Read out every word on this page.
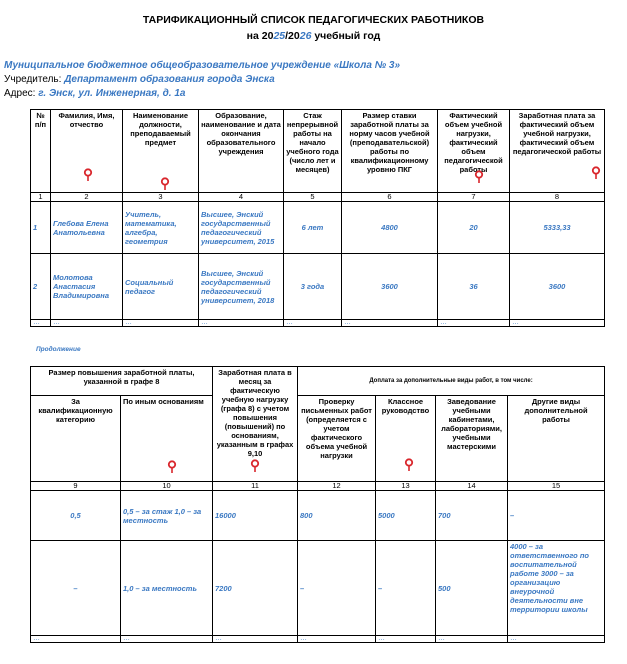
ТАРИФИКАЦИОННЫЙ СПИСОК ПЕДАГОГИЧЕСКИХ РАБОТНИКОВ
на 2025/2026 учебный год
Муниципальное бюджетное общеобразовательное учреждение «Школа № 3»
Учредитель: Департамент образования города Энска
Адрес: г. Энск, ул. Инженерная, д. 1а
№ п/п	Фамилия, Имя, отчество	Наименование должности, преподаваемый предмет	Образование, наименование и дата окончания образовательного учреждения	Стаж непрерывной работы на начало учебного года (число лет и месяцев)	Размер ставки заработной платы за норму часов учебной (преподавательской) работы по квалификационному уровню ПКГ	Фактический объем учебной нагрузки, фактический объем педагогической работы	Заработная плата за фактический объем учебной нагрузки, фактический объем педагогической работы
1	2	3	4	5	6	7	8
1	Глебова Елена Анатольевна	Учитель, математика, алгебра, геометрия	Высшее, Энский государственный педагогический университет, 2015	6 лет	4800	20	5333,33
2	Молотова Анастасия Владимировна	Социальный педагог	Высшее, Энский государственный педагогический университет, 2018	3 года	3600	36	3600
…	…	…	…	…	…	…	…
Продолжение
Размер повышения заработной платы, указанной в графе 8		Заработная плата в месяц за фактическую учебную нагрузку (графа 8) с учетом повышения (повышений) по основаниям, указанным в графах 9,10	Доплата за дополнительные виды работ, в том числе:			
За квалификационную категорию	По иным основаниям		Проверку письменных работ (определяется с учетом фактического объема учебной нагрузки	Классное руководство	Заведование учебными кабинетами, лабораториями, учебными мастерскими	Другие виды дополнительной работы
9	10	11	12	13	14	15
0,5	0,5 – за стаж 1,0 – за местность	16000	800	5000	700	–
–	1,0 – за местность	7200	–	–	500	4000 – за ответственного по воспитательной работе 3000 – за организацию внеурочной деятельности вне территории школы
…	…	…	…	…	…	…
